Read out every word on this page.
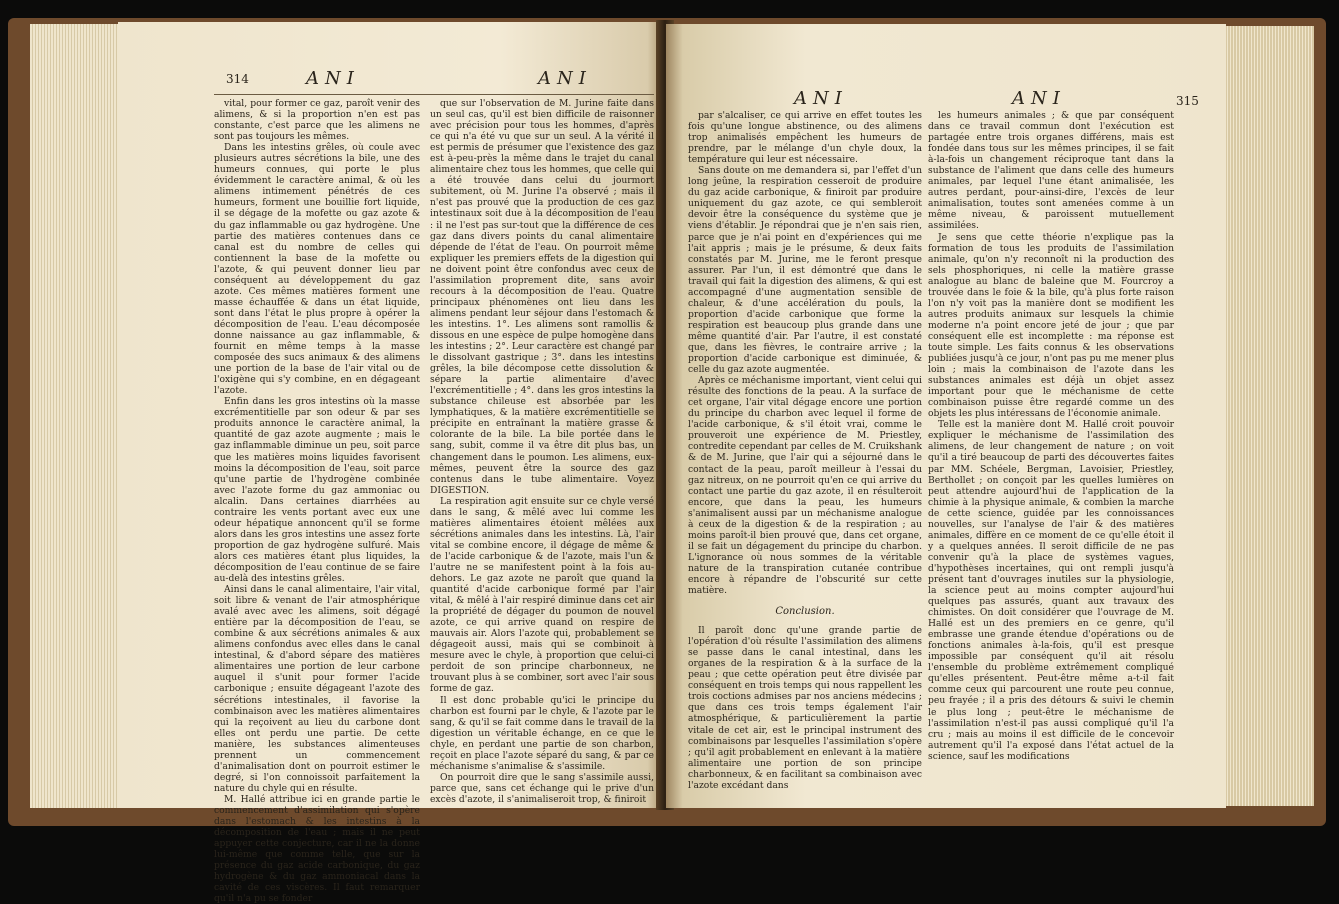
314	ANI	ANI

vital, pour former ce gaz, paroît venir des alimens, & si la proportion n'en est pas constante, c'est parce que les alimens ne sont pas toujours les mêmes.

Dans les intestins grêles, où coule avec plusieurs autres sécrétions la bile, une des humeurs connues, qui porte le plus évidemment le caractère animal, & où les alimens intimement pénétrés de ces humeurs, forment une bouillie fort liquide, il se dégage de la mofette ou gaz azote & du gaz inflammable ou gaz hydrogène. Une partie des matières contenues dans ce canal est du nombre de celles qui contiennent la base de la mofette ou l'azote, & qui peuvent donner lieu par conséquent au développement du gaz azote. Ces mêmes matières forment une masse échauffée & dans un état liquide, sont dans l'état le plus propre à opérer la décomposition de l'eau. L'eau décomposée donne naissance au gaz inflammable, & fournit en même temps à la masse composée des sucs animaux & des alimens une portion de la base de l'air vital ou de l'oxigène qui s'y combine, en en dégageant l'azote.

Enfin dans les gros intestins où la masse excrémentitielle par son odeur & par ses produits annonce le caractère animal, la quantité de gaz azote augmente ; mais le gaz inflammable diminue un peu, soit parce que les matières moins liquides favorisent moins la décomposition de l'eau, soit parce qu'une partie de l'hydrogène combinée avec l'azote forme du gaz ammoniac ou alcalin. Dans certaines diarrhées au contraire les vents portant avec eux une odeur hépatique annoncent qu'il se forme alors dans les gros intestins une assez forte proportion de gaz hydrogène sulfuré. Mais alors ces matières étant plus liquides, la décomposition de l'eau continue de se faire au-delà des intestins grêles.

Ainsi dans le canal alimentaire, l'air vital, soit libre & venant de l'air atmosphérique avalé avec avec les alimens, soit dégagé entière par la décomposition de l'eau, se combine & aux sécrétions animales & aux alimens confondus avec elles dans le canal intestinal, & d'abord sépare des matières alimentaires une portion de leur carbone auquel il s'unit pour former l'acide carbonique ; ensuite dégageant l'azote des sécrétions intestinales, il favorise la combinaison avec les matières alimentaires qui la reçoivent au lieu du carbone dont elles ont perdu une partie. De cette manière, les substances alimenteuses prennent un commencement d'animalisation dont on pourroit estimer le degré, si l'on connoissoit parfaitement la nature du chyle qui en résulte.

M. Hallé attribue ici en grande partie le commencement d'assimilation qui s'opère dans l'estomach & les intestins à la décomposition de l'eau ; mais il ne peut appuyer cette conjecture, car il ne la donne lui-même que comme telle, que sur la présence du gaz acide carbonique, du gaz hydrogène & du gaz ammoniacal dans la cavité de ces viscères. Il faut remarquer qu'il n'a pu se fonder

que sur l'observation de M. Jurine faite dans un seul cas, qu'il est bien difficile de raisonner avec précision pour tous les hommes, d'après ce qui n'a été vu que sur un seul. A la vérité il est permis de présumer que l'existence des gaz est à-peu-près la même dans le trajet du canal alimentaire chez tous les hommes, que celle qui a été trouvée dans celui du jourmort subitement, où M. Jurine l'a observé ; mais il n'est pas prouvé que la production de ces gaz intestinaux soit due à la décomposition de l'eau : il ne l'est pas sur-tout que la différence de ces gaz dans divers points du canal alimentaire dépende de l'état de l'eau. On pourroit même expliquer les premiers effets de la digestion qui ne doivent point être confondus avec ceux de l'assimilation proprement dite, sans avoir recours à la décomposition de l'eau. Quatre principaux phénomènes ont lieu dans les alimens pendant leur séjour dans l'estomach & les intestins. 1°. Les alimens sont ramollis & dissous en une espèce de pulpe homogène dans les intestins ; 2°. Leur caractère est changé par le dissolvant gastrique ; 3°. dans les intestins grêles, la bile décompose cette dissolution & sépare la partie alimentaire d'avec l'excrémentitielle ; 4°. dans les gros intestins la substance chileuse est absorbée par les lymphatiques, & la matière excrémentitielle se précipite en entraînant la matière grasse & colorante de la bile. La bile portée dans le sang, subit, comme il va être dit plus bas, un changement dans le poumon. Les alimens, eux-mêmes, peuvent être la source des gaz contenus dans le tube alimentaire. Voyez DIGESTION.

La respiration agit ensuite sur ce chyle versé dans le sang, & mêlé avec lui comme les matières alimentaires étoient mêlées aux sécrétions animales dans les intestins. Là, l'air vital se combine encore, il dégage de même & de l'acide carbonique & de l'azote, mais l'un & l'autre ne se manifestent point à la fois au-dehors. Le gaz azote ne paroît que quand la quantité d'acide carbonique formé par l'air vital, & mêlé à l'air respiré diminue dans cet air la propriété de dégager du poumon de nouvel azote, ce qui arrive quand on respire de mauvais air. Alors l'azote qui, probablement se dégageoit aussi, mais qui se combinoit à mesure avec le chyle, à proportion que celui-ci perdoit de son principe charbonneux, ne trouvant plus à se combiner, sort avec l'air sous forme de gaz.

Il est donc probable qu'ici le principe du charbon est fourni par le chyle, & l'azote par le sang, & qu'il se fait comme dans le travail de la digestion un véritable échange, en ce que le chyle, en perdant une partie de son charbon, reçoit en place l'azote séparé du sang, & par ce méchanisme s'animalise & s'assimile.

On pourroit dire que le sang s'assimile aussi, parce que, sans cet échange qui le prive d'un excès d'azote, il s'animaliseroit trop, & finiroit

ANI	ANI	315

par s'alcaliser, ce qui arrive en effet toutes les fois qu'une longue abstinence, ou des alimens trop animalisés empêchent les humeurs de prendre, par le mélange d'un chyle doux, la température qui leur est nécessaire.

Sans doute on me demandera si, par l'effet d'un long jeûne, la respiration cesseroit de produire du gaz acide carbonique, & finiroit par produire uniquement du gaz azote, ce qui sembleroit devoir être la conséquence du système que je viens d'établir. Je répondrai que je n'en sais rien, parce que je n'ai point en d'expériences qui me l'ait appris ; mais je le présume, & deux faits constatés par M. Jurine, me le feront presque assurer. Par l'un, il est démontré que dans le travail qui fait la digestion des alimens, & qui est accompagné d'une augmentation sensible de chaleur, & d'une accélération du pouls, la proportion d'acide carbonique que forme la respiration est beaucoup plus grande dans une même quantité d'air. Par l'autre, il est constaté que, dans les fièvres, le contraire arrive ; la proportion d'acide carbonique est diminuée, & celle du gaz azote augmentée.

Après ce méchanisme important, vient celui qui résulte des fonctions de la peau. A la surface de cet organe, l'air vital dégage encore une portion du principe du charbon avec lequel il forme de l'acide carbonique, & s'il étoit vrai, comme le prouveroit une expérience de M. Priestley, contredite cependant par celles de M. Cruikshank & de M. Jurine, que l'air qui a séjourné dans le contact de la peau, paroît meilleur à l'essai du gaz nitreux, on ne pourroit qu'en ce qui arrive du contact une partie du gaz azote, il en résulteroit encore, que dans la peau, les humeurs s'animalisent aussi par un méchanisme analogue à ceux de la digestion & de la respiration ; au moins paroît-il bien prouvé que, dans cet organe, il se fait un dégagement du principe du charbon. L'ignorance où nous sommes de la véritable nature de la transpiration cutanée contribue encore à répandre de l'obscurité sur cette matière.

Conclusion.

Il paroît donc qu'une grande partie de l'opération d'où résulte l'assimilation des alimens se passe dans le canal intestinal, dans les organes de la respiration & à la surface de la peau ; que cette opération peut être divisée par conséquent en trois temps qui nous rappellent les trois coctions admises par nos anciens médecins ; que dans ces trois temps également l'air atmosphérique, & particulièrement la partie vitale de cet air, est le principal instrument des combinaisons par lesquelles l'assimilation s'opère ; qu'il agit probablement en enlevant à la matière alimentaire une portion de son principe charbonneux, & en facilitant sa combinaison avec l'azote excédant dans

les humeurs animales ; & que par conséquent dans ce travail commun dont l'exécution est partagée entre trois organes différens, mais est fondée dans tous sur les mêmes principes, il se fait à-la-fois un changement réciproque tant dans la substance de l'aliment que dans celle des humeurs animales, par lequel l'une étant animalisée, les autres perdant, pour-ainsi-dire, l'excès de leur animalisation, toutes sont amenées comme à un même niveau, & paroissent mutuellement assimilées.

Je sens que cette théorie n'explique pas la formation de tous les produits de l'assimilation animale, qu'on n'y reconnoît ni la production des sels phosphoriques, ni celle la matière grasse analogue au blanc de baleine que M. Fourcroy a trouvée dans le foie & la bile, qu'à plus forte raison l'on n'y voit pas la manière dont se modifient les autres produits animaux sur lesquels la chimie moderne n'a point encore jeté de jour ; que par conséquent elle est incomplette : ma réponse est toute simple. Les faits connus & les observations publiées jusqu'à ce jour, n'ont pas pu me mener plus loin ; mais la combinaison de l'azote dans les substances animales est déjà un objet assez important pour que le méchanisme de cette combinaison puisse être regardé comme un des objets les plus intéressans de l'économie animale.

Telle est la manière dont M. Hallé croit pouvoir expliquer le méchanisme de l'assimilation des alimens, de leur changement de nature ; on voit qu'il a tiré beaucoup de parti des découvertes faites par MM. Schéele, Bergman, Lavoisier, Priestley, Berthollet ; on conçoit par les quelles lumières on peut attendre aujourd'hui de l'application de la chimie à la physique animale, & combien la marche de cette science, guidée par les connoissances nouvelles, sur l'analyse de l'air & des matières animales, diffère en ce moment de ce qu'elle étoit il y a quelques années. Il seroit difficile de ne pas convenir qu'à la place de systèmes vagues, d'hypothèses incertaines, qui ont rempli jusqu'à présent tant d'ouvrages inutiles sur la physiologie, la science peut au moins compter aujourd'hui quelques pas assurés, quant aux travaux des chimistes. On doit considérer que l'ouvrage de M. Hallé est un des premiers en ce genre, qu'il embrasse une grande étendue d'opérations ou de fonctions animales à-la-fois, qu'il est presque impossible par conséquent qu'il ait résolu l'ensemble du problème extrêmement compliqué qu'elles présentent. Peut-être même a-t-il fait comme ceux qui parcourent une route peu connue, peu frayée ; il a pris des détours & suivi le chemin le plus long ; peut-être le méchanisme de l'assimilation n'est-il pas aussi compliqué qu'il l'a cru ; mais au moins il est difficile de le concevoir autrement qu'il l'a exposé dans l'état actuel de la science, sauf les modifications
